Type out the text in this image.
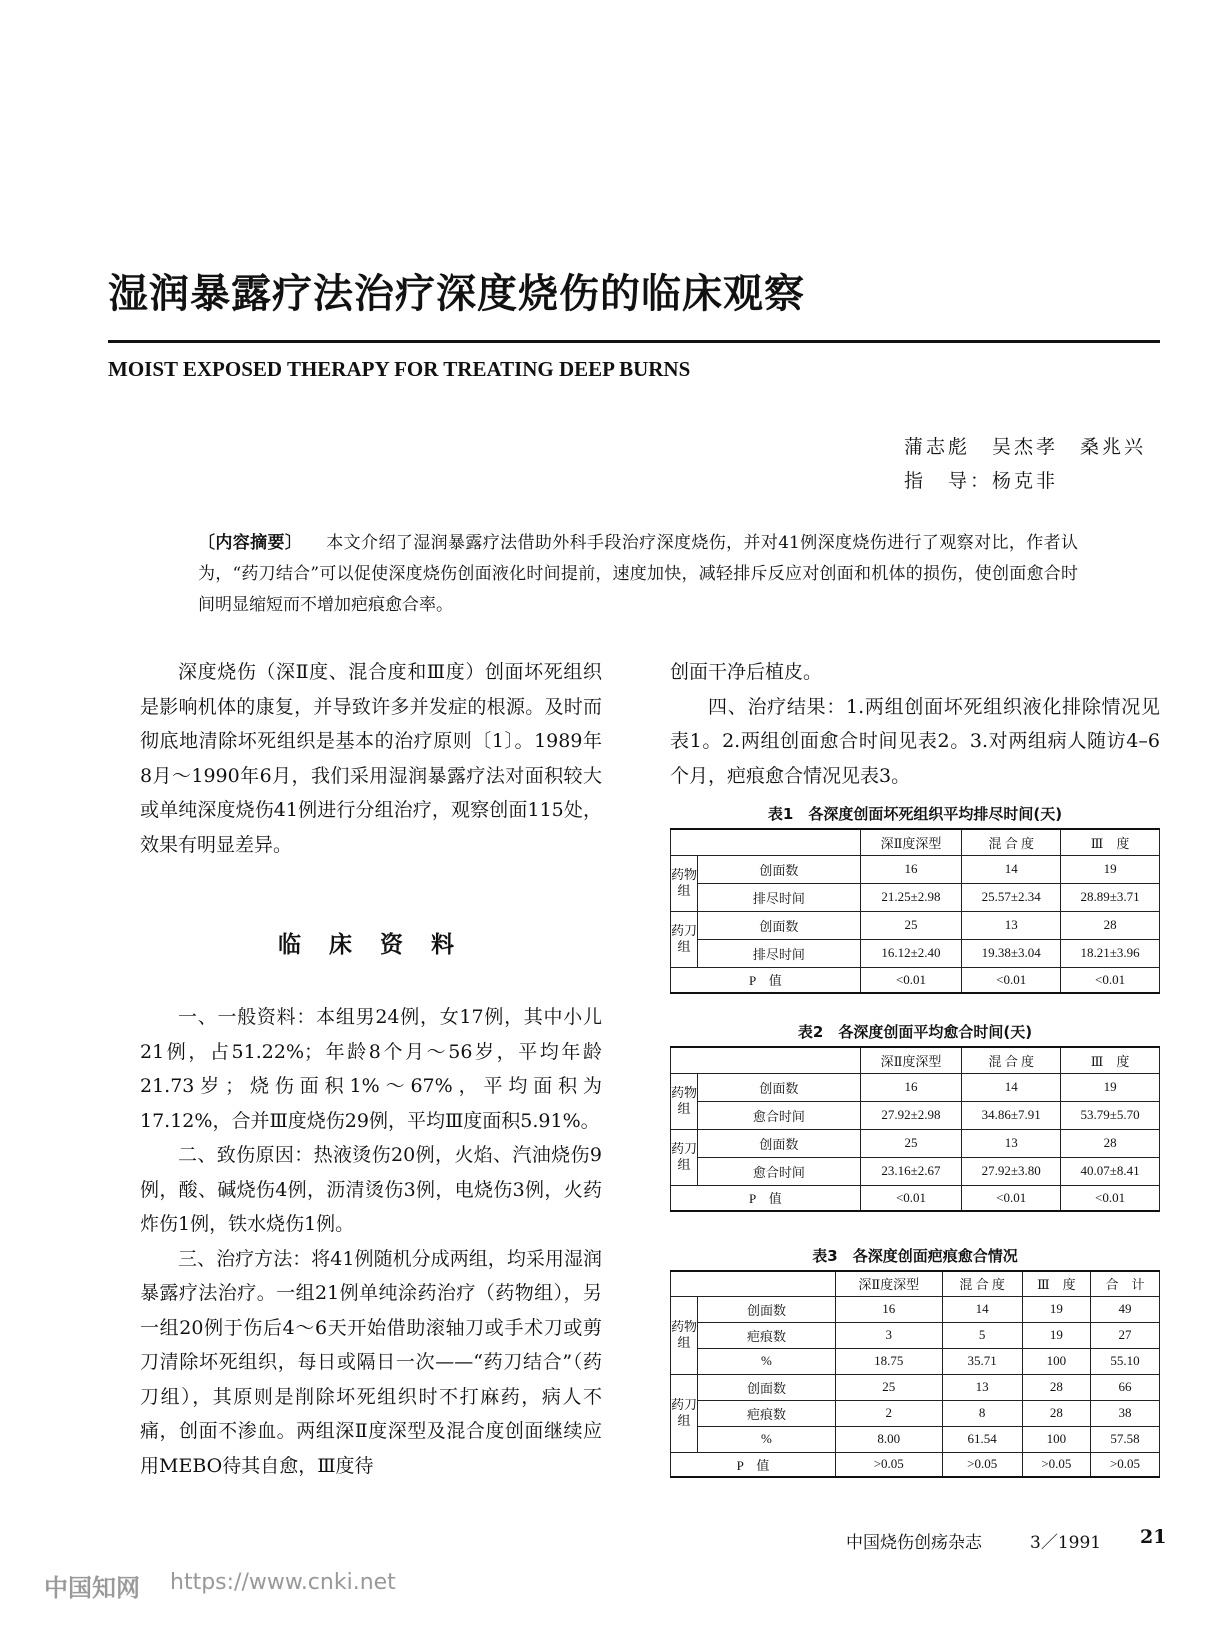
湿润暴露疗法治疗深度烧伤的临床观察
MOIST EXPOSED THERAPY FOR TREATING DEEP BURNS
蒲志彪　吴杰孝　桑兆兴
指　导：杨克非
〔内容摘要〕 本文介绍了湿润暴露疗法借助外科手段治疗深度烧伤，并对41例深度烧伤进行了观察对比，作者认为，“药刀结合”可以促使深度烧伤创面液化时间提前，速度加快，减轻排斥反应对创面和机体的损伤，使创面愈合时间明显缩短而不增加疤痕愈合率。

深度烧伤（深Ⅱ度、混合度和Ⅲ度）创面坏死组织是影响机体的康复，并导致许多并发症的根源。及时而彻底地清除坏死组织是基本的治疗原则〔1〕。1989年8月～1990年6月，我们采用湿润暴露疗法对面积较大或单纯深度烧伤41例进行分组治疗，观察创面115处，效果有明显差异。

临 床 资 料

一、一般资料：本组男24例，女17例，其中小儿21例，占51.22%；年龄8个月～56岁，平均年龄21.73岁；烧伤面积1%～67%，平均面积为17.12%，合并Ⅲ度烧伤29例，平均Ⅲ度面积5.91%。

二、致伤原因：热液烫伤20例，火焰、汽油烧伤9例，酸、碱烧伤4例，沥清烫伤3例，电烧伤3例，火药炸伤1例，铁水烧伤1例。

三、治疗方法：将41例随机分成两组，均采用湿润暴露疗法治疗。一组21例单纯涂药治疗（药物组），另一组20例于伤后4～6天开始借助滚轴刀或手术刀或剪刀清除坏死组织，每日或隔日一次——“药刀结合”（药刀组），其原则是削除坏死组织时不打麻药，病人不痛，创面不渗血。两组深Ⅱ度深型及混合度创面继续应用MEBO待其自愈，Ⅲ度待

创面干净后植皮。

四、治疗结果：1.两组创面坏死组织液化排除情况见表1。2.两组创面愈合时间见表2。3.对两组病人随访4–6个月，疤痕愈合情况见表3。

表1　各深度创面坏死组织平均排尽时间(天)
		深Ⅱ度深型	混 合 度	Ⅲ　度
药物组	创面数	16	14	19
	排尽时间	21.25±2.98	25.57±2.34	28.89±3.71
药刀组	创面数	25	13	28
	排尽时间	16.12±2.40	19.38±3.04	18.21±3.96
P　值		<0.01	<0.01	<0.01
表2　各深度创面平均愈合时间(天)
		深Ⅱ度深型	混 合 度	Ⅲ　度
药物组	创面数	16	14	19
	愈合时间	27.92±2.98	34.86±7.91	53.79±5.70
药刀组	创面数	25	13	28
	愈合时间	23.16±2.67	27.92±3.80	40.07±8.41
P　值		<0.01	<0.01	<0.01
表3　各深度创面疤痕愈合情况
		深Ⅱ度深型	混 合 度	Ⅲ　度	合　计
药物组	创面数	16	14	19	49
	疤痕数	3	5	19	27
	%	18.75	35.71	100	55.10
药刀组	创面数	25	13	28	66
	疤痕数	2	8	28	38
	%	8.00	61.54	100	57.58
P　值		>0.05	>0.05	>0.05	>0.05
中国烧伤创疡杂志	3／1991 21
中国知网 https://www.cnki.net
